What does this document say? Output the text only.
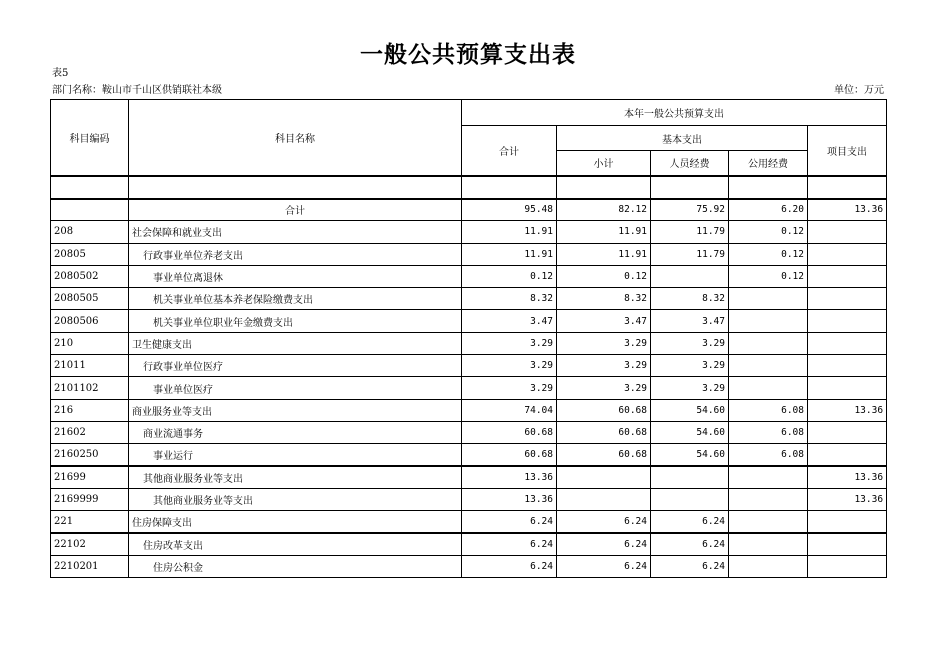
一般公共预算支出表
表5
部门名称：鞍山市千山区供销联社本级	单位：万元
科目编码	科目名称	本年一般公共预算支出				
		合计	基本支出			项目支出
			小计	人员经费	公用经费	

	合计	95.48	82.12	75.92	6.20	13.36
208	社会保障和就业支出	11.91	11.91	11.79	0.12	
20805	行政事业单位养老支出	11.91	11.91	11.79	0.12	
2080502	事业单位离退休	0.12	0.12		0.12	
2080505	机关事业单位基本养老保险缴费支出	8.32	8.32	8.32		
2080506	机关事业单位职业年金缴费支出	3.47	3.47	3.47		
210	卫生健康支出	3.29	3.29	3.29		
21011	行政事业单位医疗	3.29	3.29	3.29		
2101102	事业单位医疗	3.29	3.29	3.29		
216	商业服务业等支出	74.04	60.68	54.60	6.08	13.36
21602	商业流通事务	60.68	60.68	54.60	6.08	
2160250	事业运行	60.68	60.68	54.60	6.08	
21699	其他商业服务业等支出	13.36				13.36
2169999	其他商业服务业等支出	13.36				13.36
221	住房保障支出	6.24	6.24	6.24		
22102	住房改革支出	6.24	6.24	6.24		
2210201	住房公积金	6.24	6.24	6.24		
